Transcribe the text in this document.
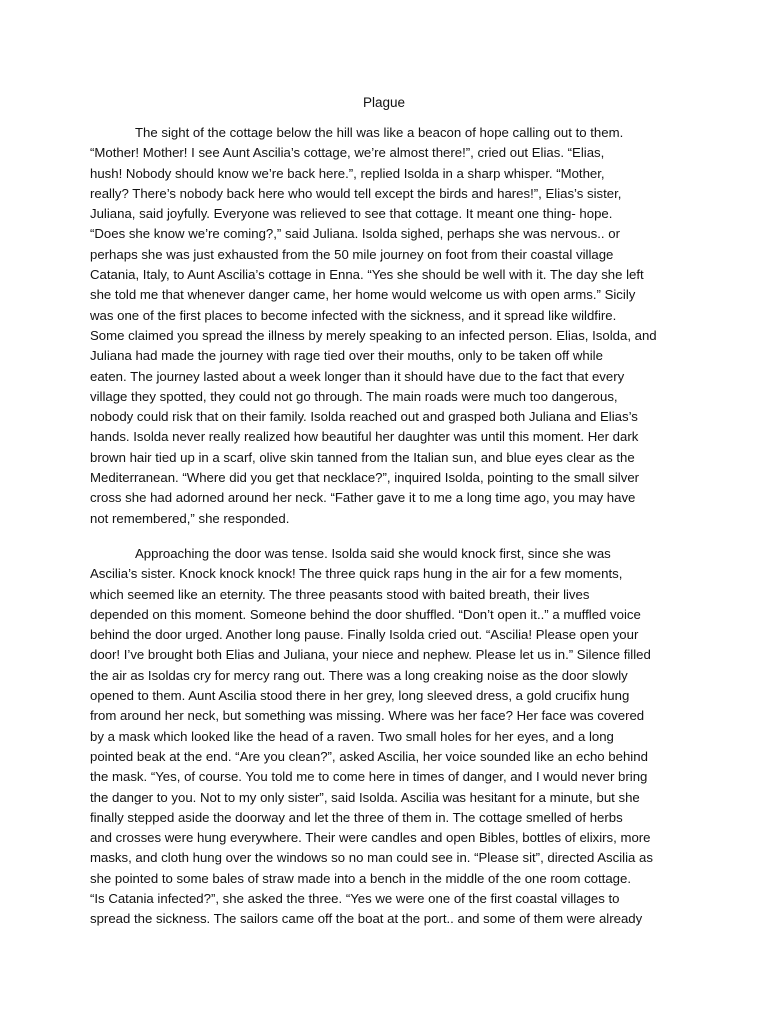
Plague
The sight of the cottage below the hill was like a beacon of hope calling out to them.
“Mother! Mother! I see Aunt Ascilia’s cottage, we’re almost there!”, cried out Elias. “Elias,
hush! Nobody should know we’re back here.”, replied Isolda in a sharp whisper. “Mother,
really? There’s nobody back here who would tell except the birds and hares!”, Elias’s sister,
Juliana, said joyfully. Everyone was relieved to see that cottage. It meant one thing- hope.
“Does she know we’re coming?,” said Juliana. Isolda sighed, perhaps she was nervous.. or
perhaps she was just exhausted from the 50 mile journey on foot from their coastal village
Catania, Italy, to Aunt Ascilia’s cottage in Enna. “Yes she should be well with it. The day she left
she told me that whenever danger came, her home would welcome us with open arms.” Sicily
was one of the first places to become infected with the sickness, and it spread like wildfire.
Some claimed you spread the illness by merely speaking to an infected person. Elias, Isolda, and
Juliana had made the journey with rage tied over their mouths, only to be taken off while
eaten. The journey lasted about a week longer than it should have due to the fact that every
village they spotted, they could not go through. The main roads were much too dangerous,
nobody could risk that on their family. Isolda reached out and grasped both Juliana and Elias’s
hands. Isolda never really realized how beautiful her daughter was until this moment. Her dark
brown hair tied up in a scarf, olive skin tanned from the Italian sun, and blue eyes clear as the
Mediterranean. “Where did you get that necklace?”, inquired Isolda, pointing to the small silver
cross she had adorned around her neck. “Father gave it to me a long time ago, you may have
not remembered,” she responded.
Approaching the door was tense. Isolda said she would knock first, since she was
Ascilia’s sister. Knock knock knock! The three quick raps hung in the air for a few moments,
which seemed like an eternity. The three peasants stood with baited breath, their lives
depended on this moment. Someone behind the door shuffled. “Don’t open it..” a muffled voice
behind the door urged. Another long pause. Finally Isolda cried out. “Ascilia! Please open your
door! I’ve brought both Elias and Juliana, your niece and nephew. Please let us in.” Silence filled
the air as Isoldas cry for mercy rang out. There was a long creaking noise as the door slowly
opened to them. Aunt Ascilia stood there in her grey, long sleeved dress, a gold crucifix hung
from around her neck, but something was missing. Where was her face? Her face was covered
by a mask which looked like the head of a raven. Two small holes for her eyes, and a long
pointed beak at the end. “Are you clean?”, asked Ascilia, her voice sounded like an echo behind
the mask. “Yes, of course. You told me to come here in times of danger, and I would never bring
the danger to you. Not to my only sister”, said Isolda. Ascilia was hesitant for a minute, but she
finally stepped aside the doorway and let the three of them in. The cottage smelled of herbs
and crosses were hung everywhere. Their were candles and open Bibles, bottles of elixirs, more
masks, and cloth hung over the windows so no man could see in. “Please sit”, directed Ascilia as
she pointed to some bales of straw made into a bench in the middle of the one room cottage.
“Is Catania infected?”, she asked the three. “Yes we were one of the first coastal villages to
spread the sickness. The sailors came off the boat at the port.. and some of them were already
